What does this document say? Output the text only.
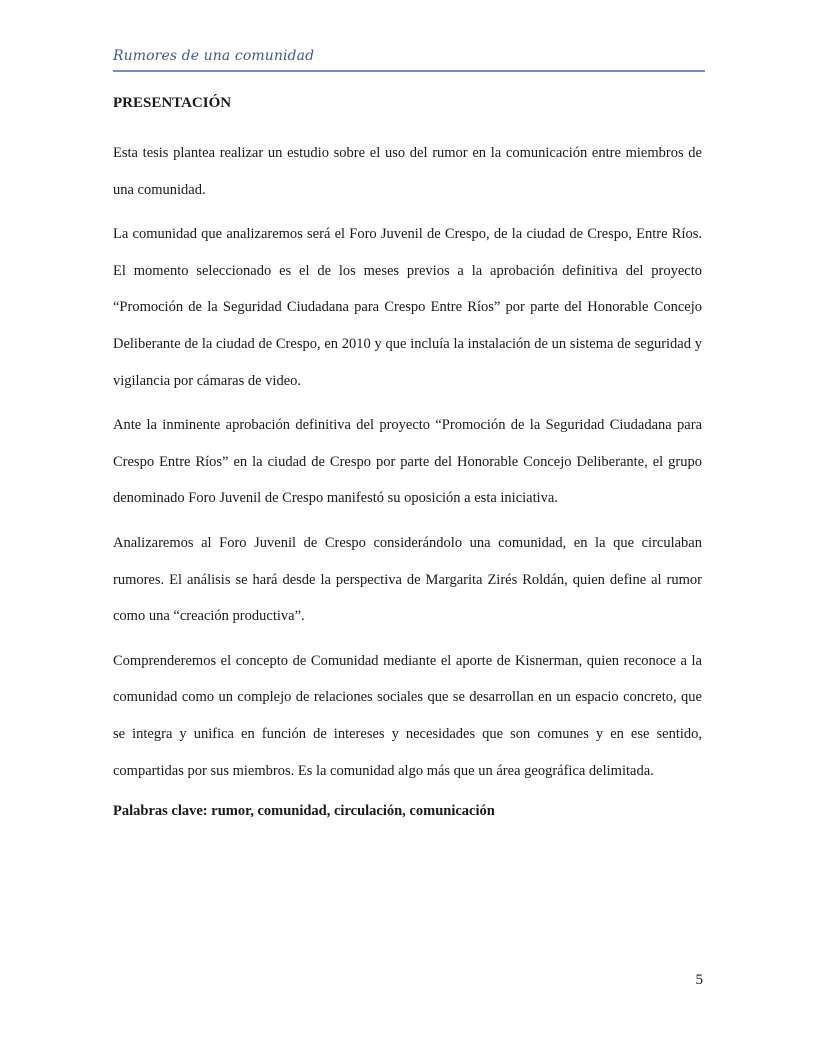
Rumores de una comunidad
PRESENTACIÓN

Esta tesis plantea realizar un estudio sobre el uso del rumor en la comunicación entre miembros de una comunidad.

La comunidad que analizaremos será el Foro Juvenil de Crespo, de la ciudad de Crespo, Entre Ríos. El momento seleccionado es el de los meses previos a la aprobación definitiva del proyecto “Promoción de la Seguridad Ciudadana para Crespo Entre Ríos” por parte del Honorable Concejo Deliberante de la ciudad de Crespo, en 2010 y que incluía la instalación de un sistema de seguridad y vigilancia por cámaras de video.

Ante la inminente aprobación definitiva del proyecto “Promoción de la Seguridad Ciudadana para Crespo Entre Ríos” en la ciudad de Crespo por parte del Honorable Concejo Deliberante, el grupo denominado Foro Juvenil de Crespo manifestó su oposición a esta iniciativa.

Analizaremos al Foro Juvenil de Crespo considerándolo una comunidad, en la que circulaban rumores. El análisis se hará desde la perspectiva de Margarita Zirés Roldán, quien define al rumor como una “creación productiva”.

Comprenderemos el concepto de Comunidad mediante el aporte de Kisnerman, quien reconoce a la comunidad como un complejo de relaciones sociales que se desarrollan en un espacio concreto, que se integra y unifica en función de intereses y necesidades que son comunes y en ese sentido, compartidas por sus miembros. Es la comunidad algo más que un área geográfica delimitada.

Palabras clave: rumor, comunidad, circulación, comunicación
5
